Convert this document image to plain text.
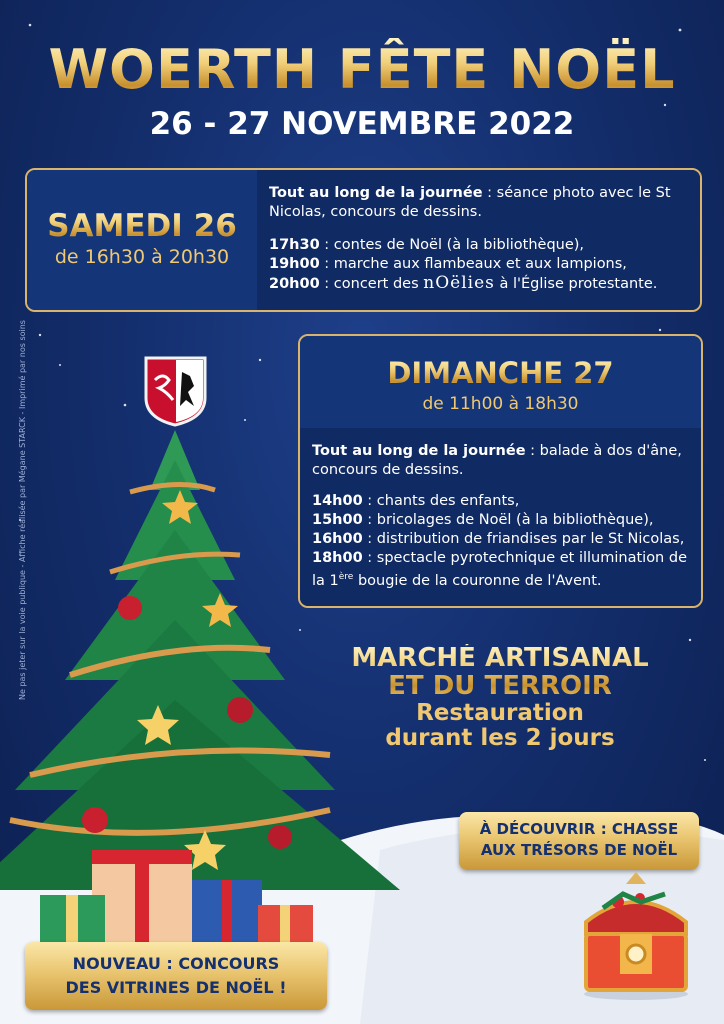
Ne pas jeter sur la voie publique - Affiche réalisée par Mégane STARCK - Imprimé par nos soins
WOERTH FÊTE NOËL
26 - 27 NOVEMBRE 2022
SAMEDI 26
de 16h30 à 20h30
Tout au long de la journée : séance photo avec le St Nicolas, concours de dessins.
17h30 : contes de Noël (à la bibliothèque),
19h00 : marche aux flambeaux et aux lampions,
20h00 : concert des nOëlies à l'Église protestante.
DIMANCHE 27
de 11h00 à 18h30
Tout au long de la journée : balade à dos d'âne, concours de dessins.
14h00 : chants des enfants,
15h00 : bricolages de Noël (à la bibliothèque),
16h00 : distribution de friandises par le St Nicolas,
18h00 : spectacle pyrotechnique et illumination de la 1ère bougie de la couronne de l'Avent.
MARCHÉ ARTISANAL
ET DU TERROIR
Restauration
durant les 2 jours
À DÉCOUVRIR : CHASSE
AUX TRÉSORS DE NOËL
NOUVEAU : CONCOURS
DES VITRINES DE NOËL !
